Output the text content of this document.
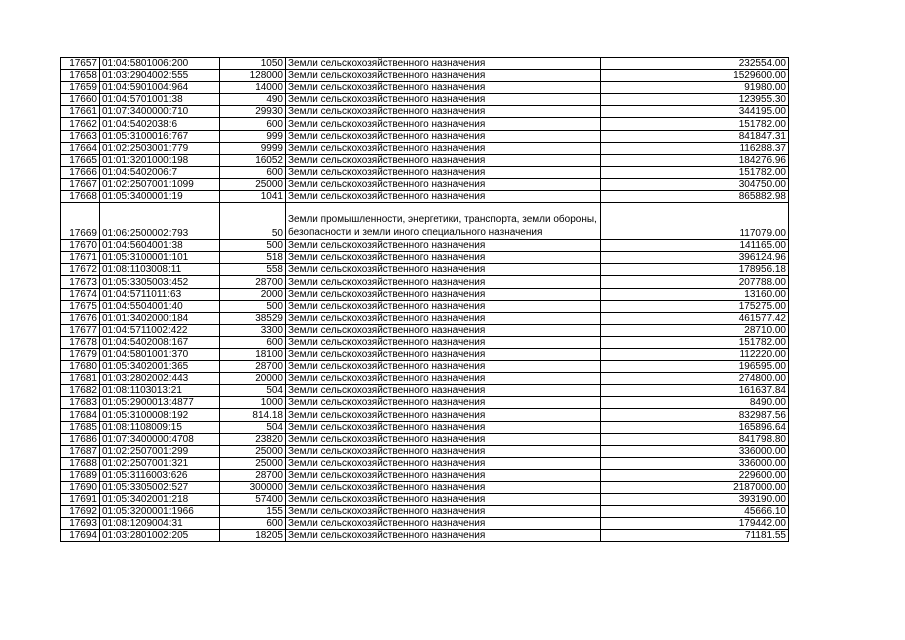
17657	01:04:5801006:200	1050	Земли сельскохозяйственного назначения	232554.00
17658	01:03:2904002:555	128000	Земли сельскохозяйственного назначения	1529600.00
17659	01:04:5901004:964	14000	Земли сельскохозяйственного назначения	91980.00
17660	01:04:5701001:38	490	Земли сельскохозяйственного назначения	123955.30
17661	01:07:3400000:710	29930	Земли сельскохозяйственного назначения	344195.00
17662	01:04:5402038:6	600	Земли сельскохозяйственного назначения	151782.00
17663	01:05:3100016:767	999	Земли сельскохозяйственного назначения	841847.31
17664	01:02:2503001:779	9999	Земли сельскохозяйственного назначения	116288.37
17665	01:01:3201000:198	16052	Земли сельскохозяйственного назначения	184276.96
17666	01:04:5402006:7	600	Земли сельскохозяйственного назначения	151782.00
17667	01:02:2507001:1099	25000	Земли сельскохозяйственного назначения	304750.00
17668	01:05:3400001:19	1041	Земли сельскохозяйственного назначения	865882.98
17669	01:06:2500002:793	50	Земли промышленности, энергетики, транспорта, земли обороны, безопасности и земли иного специального назначения	117079.00
17670	01:04:5604001:38	500	Земли сельскохозяйственного назначения	141165.00
17671	01:05:3100001:101	518	Земли сельскохозяйственного назначения	396124.96
17672	01:08:1103008:11	558	Земли сельскохозяйственного назначения	178956.18
17673	01:05:3305003:452	28700	Земли сельскохозяйственного назначения	207788.00
17674	01:04:5711011:63	2000	Земли сельскохозяйственного назначения	13160.00
17675	01:04:5504001:40	500	Земли сельскохозяйственного назначения	175275.00
17676	01:01:3402000:184	38529	Земли сельскохозяйственного назначения	461577.42
17677	01:04:5711002:422	3300	Земли сельскохозяйственного назначения	28710.00
17678	01:04:5402008:167	600	Земли сельскохозяйственного назначения	151782.00
17679	01:04:5801001:370	18100	Земли сельскохозяйственного назначения	112220.00
17680	01:05:3402001:365	28700	Земли сельскохозяйственного назначения	196595.00
17681	01:03:2802002:443	20000	Земли сельскохозяйственного назначения	274800.00
17682	01:08:1103013:21	504	Земли сельскохозяйственного назначения	161637.84
17683	01:05:2900013:4877	1000	Земли сельскохозяйственного назначения	8490.00
17684	01:05:3100008:192	814.18	Земли сельскохозяйственного назначения	832987.56
17685	01:08:1108009:15	504	Земли сельскохозяйственного назначения	165896.64
17686	01:07:3400000:4708	23820	Земли сельскохозяйственного назначения	841798.80
17687	01:02:2507001:299	25000	Земли сельскохозяйственного назначения	336000.00
17688	01:02:2507001:321	25000	Земли сельскохозяйственного назначения	336000.00
17689	01:05:3116003:626	28700	Земли сельскохозяйственного назначения	229600.00
17690	01:05:3305002:527	300000	Земли сельскохозяйственного назначения	2187000.00
17691	01:05:3402001:218	57400	Земли сельскохозяйственного назначения	393190.00
17692	01:05:3200001:1966	155	Земли сельскохозяйственного назначения	45666.10
17693	01:08:1209004:31	600	Земли сельскохозяйственного назначения	179442.00
17694	01:03:2801002:205	18205	Земли сельскохозяйственного назначения	71181.55
